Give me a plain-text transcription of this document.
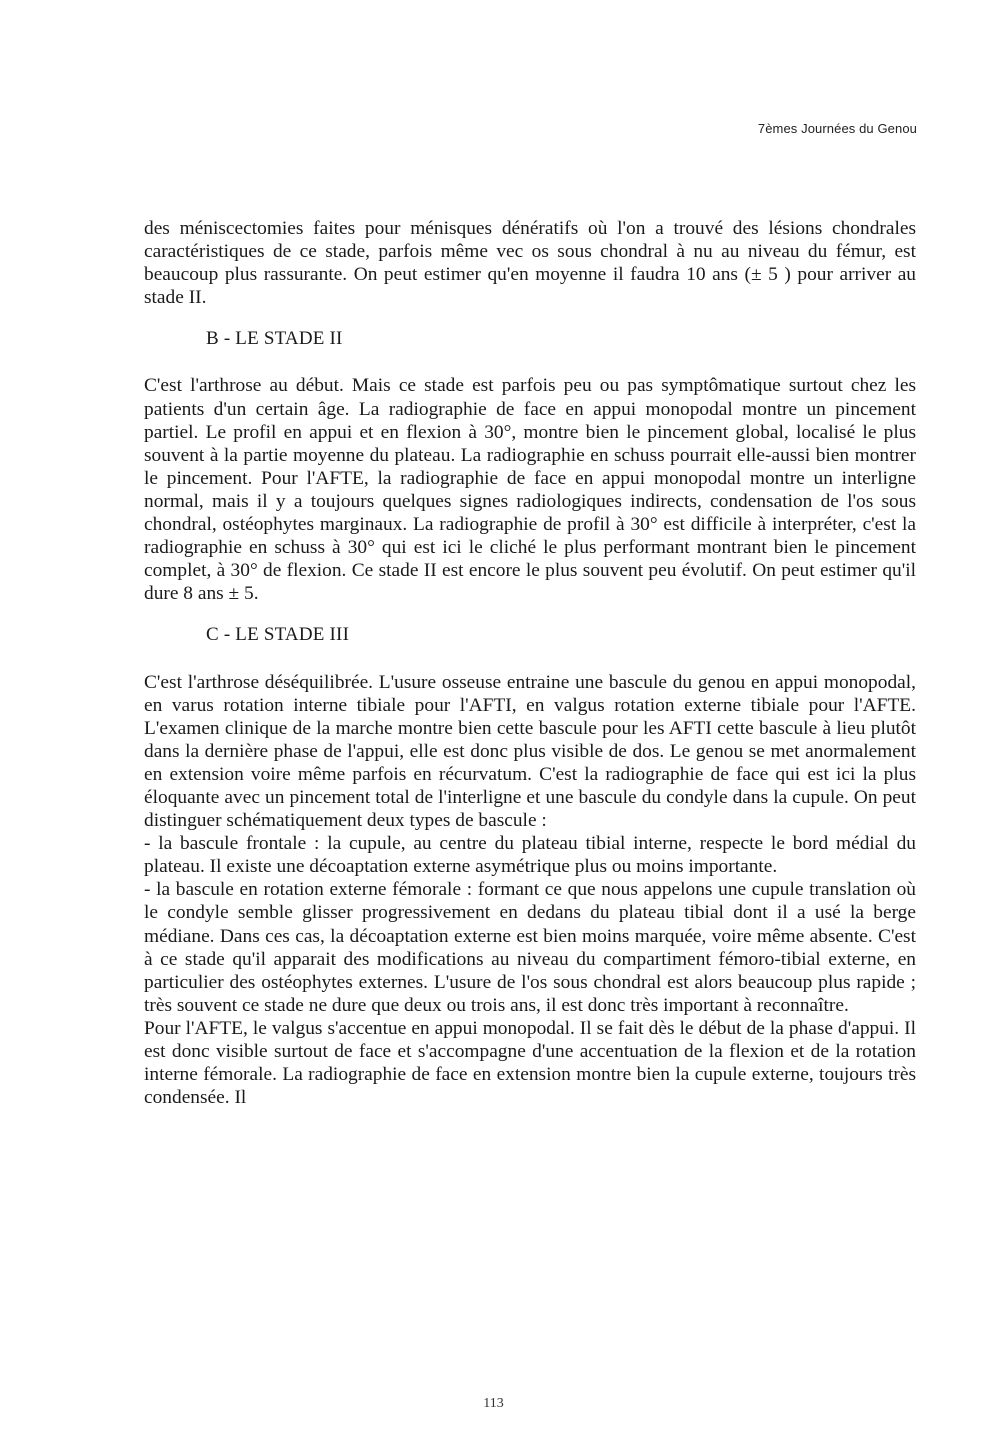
7èmes Journées du Genou

des méniscectomies faites pour ménisques dénératifs où l'on a trouvé des lésions chondrales caractéristiques de ce stade, parfois même vec os sous chondral à nu au niveau du fémur, est beaucoup plus rassurante. On peut estimer qu'en moyenne il faudra 10 ans (± 5 ) pour arriver au stade II.

B - LE STADE II

C'est l'arthrose au début. Mais ce stade est parfois peu ou pas symptômatique surtout chez les patients d'un certain âge. La radiographie de face en appui monopodal montre un pincement partiel. Le profil en appui et en flexion à 30°, montre bien le pincement global, localisé le plus souvent à la partie moyenne du plateau. La radiographie en schuss pourrait elle-aussi bien montrer le pincement. Pour l'AFTE, la radiographie de face en appui monopodal montre un interligne normal, mais il y a toujours quelques signes radiologiques indirects, condensation de l'os sous chondral, ostéophytes marginaux. La radiographie de profil à 30° est difficile à interpréter, c'est la radiographie en schuss à 30° qui est ici le cliché le plus performant montrant bien le pincement complet, à 30° de flexion. Ce stade II est encore le plus souvent peu évolutif. On peut estimer qu'il dure 8 ans ± 5.

C - LE STADE III

C'est l'arthrose déséquilibrée. L'usure osseuse entraine une bascule du genou en appui monopodal, en varus rotation interne tibiale pour l'AFTI, en valgus rotation externe tibiale pour l'AFTE. L'examen clinique de la marche montre bien cette bascule pour les AFTI cette bascule à lieu plutôt dans la dernière phase de l'appui, elle est donc plus visible de dos. Le genou se met anormalement en extension voire même parfois en récurvatum. C'est la radiographie de face qui est ici la plus éloquante avec un pincement total de l'interligne et une bascule du condyle dans la cupule. On peut distinguer schématiquement deux types de bascule :

- la bascule frontale : la cupule, au centre du plateau tibial interne, respecte le bord médial du plateau. Il existe une décoaptation externe asymétrique plus ou moins importante.

- la bascule en rotation externe fémorale : formant ce que nous appelons une cupule translation où le condyle semble glisser progressivement en dedans du plateau tibial dont il a usé la berge médiane. Dans ces cas, la décoaptation externe est bien moins marquée, voire même absente. C'est à ce stade qu'il apparait des modifications au niveau du compartiment fémoro-tibial externe, en particulier des ostéophytes externes. L'usure de l'os sous chondral est alors beaucoup plus rapide ; très souvent ce stade ne dure que deux ou trois ans, il est donc très important à reconnaître.

Pour l'AFTE, le valgus s'accentue en appui monopodal. Il se fait dès le début de la phase d'appui. Il est donc visible surtout de face et s'accompagne d'une accentuation de la flexion et de la rotation interne fémorale. La radiographie de face en extension montre bien la cupule externe, toujours très condensée. Il

113
